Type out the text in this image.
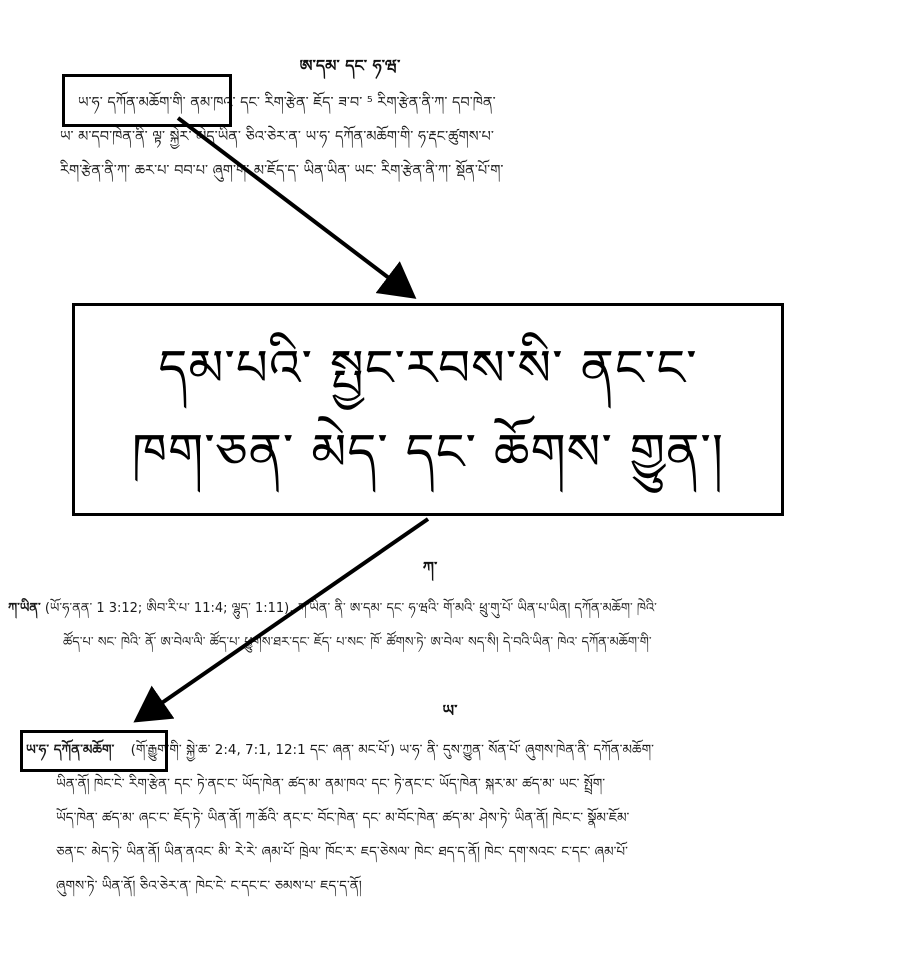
ཨ་དམ་ དང་ ཧ་ཝ་
ཡ་ཧ་ དཀོན་མཆོག་གི་ ནམ་ཁའ་ དང་ རིག་རྩེན་ ཇོད་ ཟ་བ་ ⁵ རིག་རྩེན་ནི་ཀ་ དབ་ཁེན་
ཡ་ མ་དབ་ཁེན་ནི་ ལྟ་ སྐྱེར་ མེད་ཡིན་ ཅིའ་ཅེར་ན་ ཡ་ཧ་ དཀོན་མཆོག་གི་ ཧ་རྡང་ཚུགས་པ་
རིག་རྩེན་ནི་ཀ་ ཆར་པ་ བབ་པ་ ཞུག་ག་ མ་ཇོད་ད་ ཡིན་ཡིན་ ཡང་ རིག་རྩེན་ནི་ཀ་ སྡོན་པོ་ག་
དམ་པའི་ སྤྱང་རབས་སི་ ནང་ང་
ཁག་ཅན་ མེད་ དང་ ཆོགས་ གྱུན་།
ཀ་
ཀ་ཡིན་ (ཡོ་ཧ་ནན་ 1 3:12; ཨིབ་རི་པ་ 11:4; ལྷུད་ 1:11), ཀ་ཡིན་ ནི་ ཨ་དམ་ དང་ ཧ་ཝའི་ གོ་མའི་ ཕྲུ་གུ་པོ་ ཡིན་པ་ཡིན། དཀོན་མཆོག་ ཁེའི་
ཚོད་པ་ སང་ ཁེའི་ ནོ་ ཨ་བེལ་ལི་ ཚོད་པ་ ཕྱུགས་ཐར་དང་ ཇོད་ པ་སང་ ཁོ་ ཚོགས་ཏེ་ ཨ་བེལ་ སད་སི། དེ་བའི་ཡིན་ ཁེའ་ དཀོན་མཆོག་གི་
ཡ་
ཡ་ཧ་ དཀོན་མཆོག་ (གོ་རྒྱུག་གི་ སྐྱེ་ཆ་ 2:4, 7:1, 12:1 དང་ ཞན་ མང་པོ་) ཡ་ཧ་ ནི་ དུས་ཀྱུན་ སོན་པོ་ ཞུགས་ཁེན་ནི་ དཀོན་མཆོག་
ཡིན་ནོ། ཁེང་ངེ་ རིག་རྩེན་ དང་ ཏེ་ནང་ང་ ཡོད་ཁེན་ ཚད་མ་ ནམ་ཁའ་ དང་ ཏེ་ནང་ང་ ཡོད་ཁེན་ སྐར་མ་ ཚད་མ་ ཡང་ སྤྲོག་
ཡོད་ཁེན་ ཚད་མ་ ཞང་ང་ ཇོད་ཏེ་ ཡིན་ནོ། ཀ་ཆོའི་ ནང་ང་ བོང་ཁེན་ དང་ མ་བོང་ཁེན་ ཚད་མ་ ཤེས་ཏེ་ ཡིན་ནོ། ཁེང་ང་ སྣོམ་ཇོམ་
ཅན་ང་ མེད་ཏེ་ ཡིན་ནོ། ཡིན་ནའང་ མི་ རེ་རེ་ ཞམ་པོ་ ཁྲེལ་ ཁོང་ར་ ཇད་ཅེསལ་ ཁེང་ ཐད་ད་ནོ། ཁེང་ དག་སའང་ ང་དང་ ཞམ་པོ་
ཞུགས་ཏེ་ ཡིན་ནོ། ཅིའ་ཅེར་ན་ ཁེང་ངེ་ ང་དང་ང་ ཅམས་པ་ ཇད་ད་ནོ།
